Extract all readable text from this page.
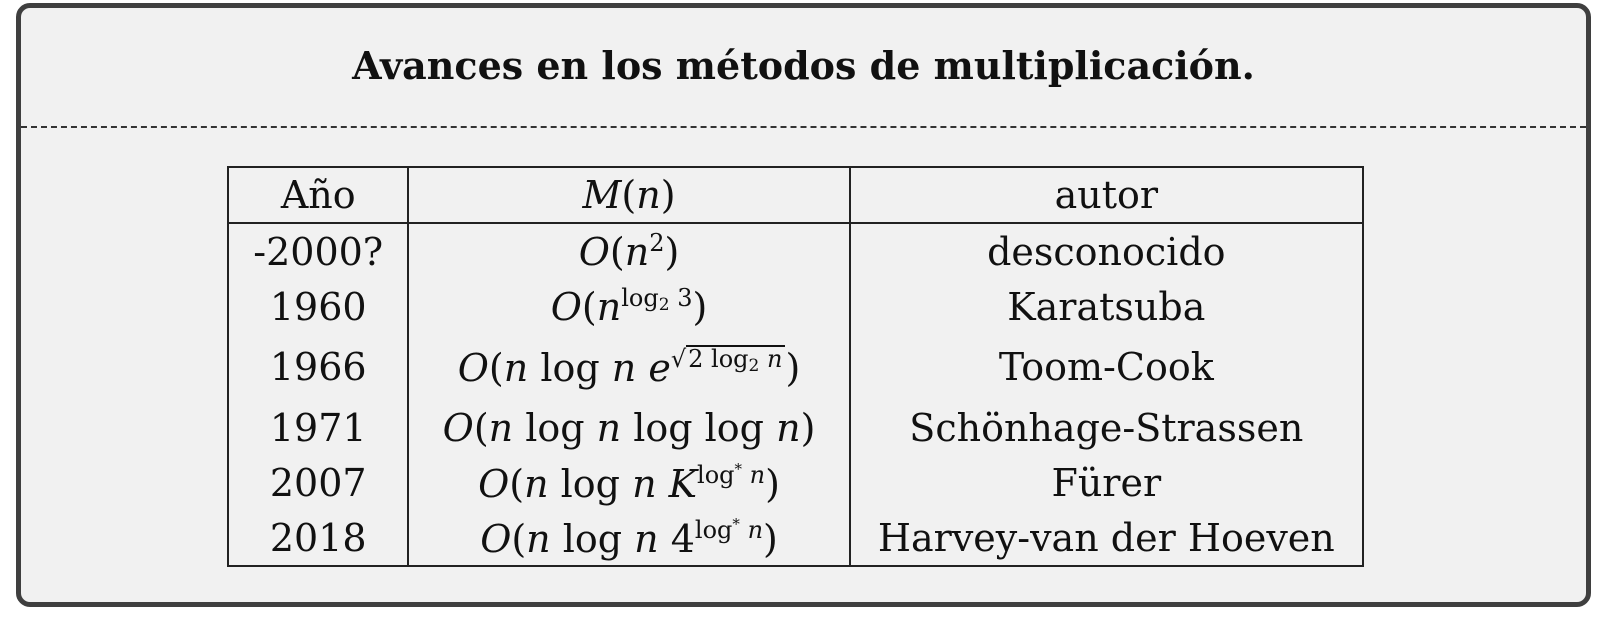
Avances en los métodos de multiplicación.
Año	M(n)	autor
-2000?	$O(n^2)$	desconocido
1960	$O(n^{log_2 3})$	Karatsuba
1966	O(n log n $e^{√2 log_2 n}$)	Toom-Cook
1971	O(n log n log log n)	Schönhage-Strassen
2007	O(n log n $K^{log^* n}$)	Fürer
2018	O(n log n $4^{log^* n}$)	Harvey-van der Hoeven
